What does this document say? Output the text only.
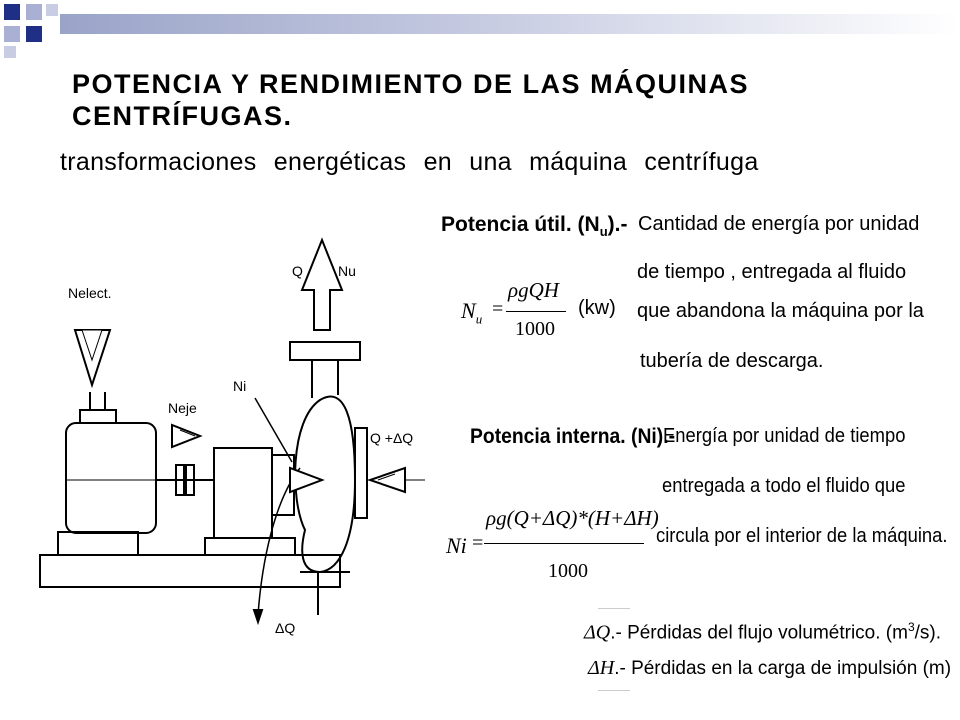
POTENCIA Y RENDIMIENTO DE LAS MÁQUINAS
CENTRÍFUGAS.
transformaciones energéticas en una máquina centrífuga
Q	Nu
Nelect.
Ni
Neje
Q +ΔQ
ΔQ
Potencia útil. $(N_u).-$ Cantidad de energía por unidad
de tiempo , entregada al fluido
que abandona la máquina por la
tubería de descarga.
$N_u$ =
ρgQH
1000
(kw)
Potencia interna. (Ni).-
Energía por unidad de tiempo
entregada a todo el fluido que
circula por el interior de la máquina.
Ni =
ρg(Q+ΔQ)*(H+ΔH)
1000
ΔQ.- Pérdidas del flujo volumétrico. $(m^3/s)$.
ΔH.- Pérdidas en la carga de impulsión (m)
